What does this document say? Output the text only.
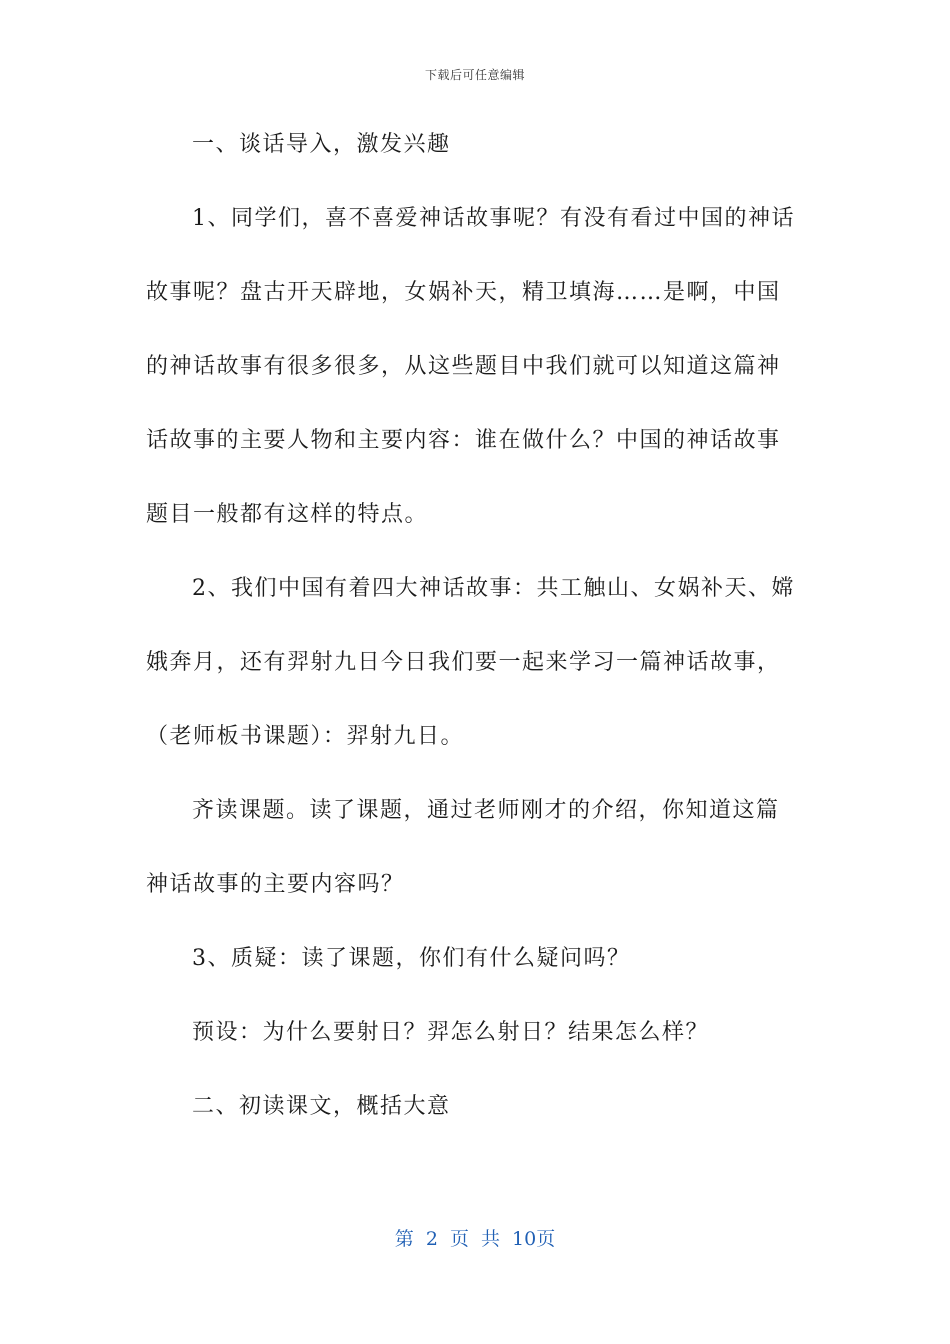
下载后可任意编辑
一、谈话导入，激发兴趣
1、同学们，喜不喜爱神话故事呢？有没有看过中国的神话
故事呢？盘古开天辟地，女娲补天，精卫填海……是啊，中国
的神话故事有很多很多，从这些题目中我们就可以知道这篇神
话故事的主要人物和主要内容：谁在做什么？中国的神话故事
题目一般都有这样的特点。
2、我们中国有着四大神话故事：共工触山、女娲补天、嫦
娥奔月，还有羿射九日今日我们要一起来学习一篇神话故事，
（老师板书课题）：羿射九日。
齐读课题。读了课题，通过老师刚才的介绍，你知道这篇
神话故事的主要内容吗？
3、质疑：读了课题，你们有什么疑问吗？
预设：为什么要射日？羿怎么射日？结果怎么样？
二、初读课文，概括大意
第 2 页 共 10页
